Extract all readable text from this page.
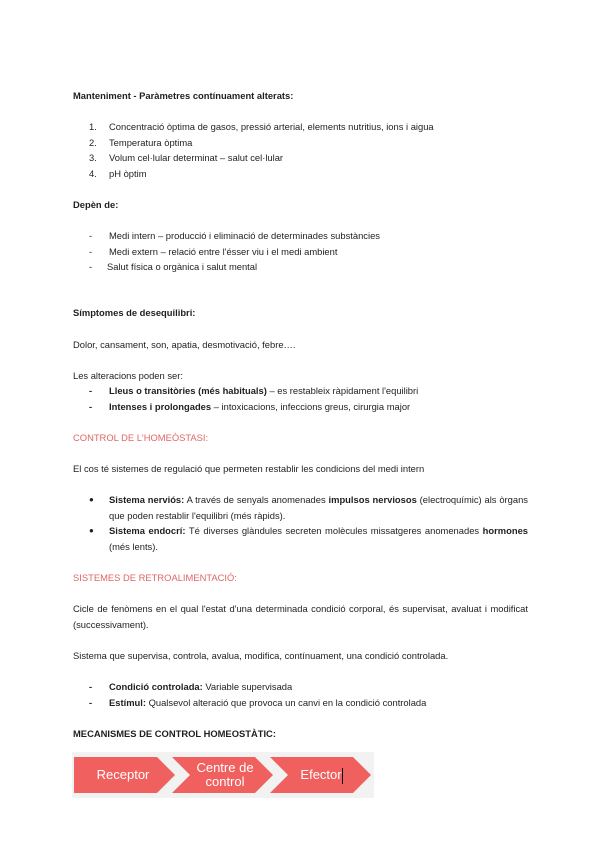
Manteniment - Paràmetres contínuament alterats:
1. Concentració òptima de gasos, pressió arterial, elements nutritius, ions i aigua
2. Temperatura òptima
3. Volum cel·lular determinat – salut cel·lular
4. pH òptim
Depèn de:
- Medi intern – producció i eliminació de determinades substàncies
- Medi extern – relació entre l'ésser viu i el medi ambient
- Salut física o orgànica i salut mental
Símptomes de desequilibri:
Dolor, cansament, son, apatia, desmotivació, febre….
Les alteracions poden ser:
- Lleus o transitòries (més habituals) – es restableix ràpidament l'equilibri
- Intenses i prolongades – intoxicacions, infeccions greus, cirurgia major
CONTROL DE L'HOMEÒSTASI:
El cos té sistemes de regulació que permeten restablir les condicions del medi intern
● Sistema nerviós: A través de senyals anomenades impulsos nerviosos (electroquímic) als òrgans que poden restablir l'equilibri (més ràpids).
● Sistema endocrí: Té diverses glàndules secreten molècules missatgeres anomenades hormones (més lents).
SISTEMES DE RETROALIMENTACIÓ:
Cicle de fenòmens en el qual l'estat d'una determinada condició corporal, és supervisat, avaluat i modificat (successivament).
Sistema que supervisa, controla, avalua, modifica, contínuament, una condició controlada.
- Condició controlada: Variable supervisada
- Estímul: Qualsevol alteració que provoca un canvi en la condició controlada
MECANISMES DE CONTROL HOMEOSTÀTIC:
Receptor	Centre de control	Efector
